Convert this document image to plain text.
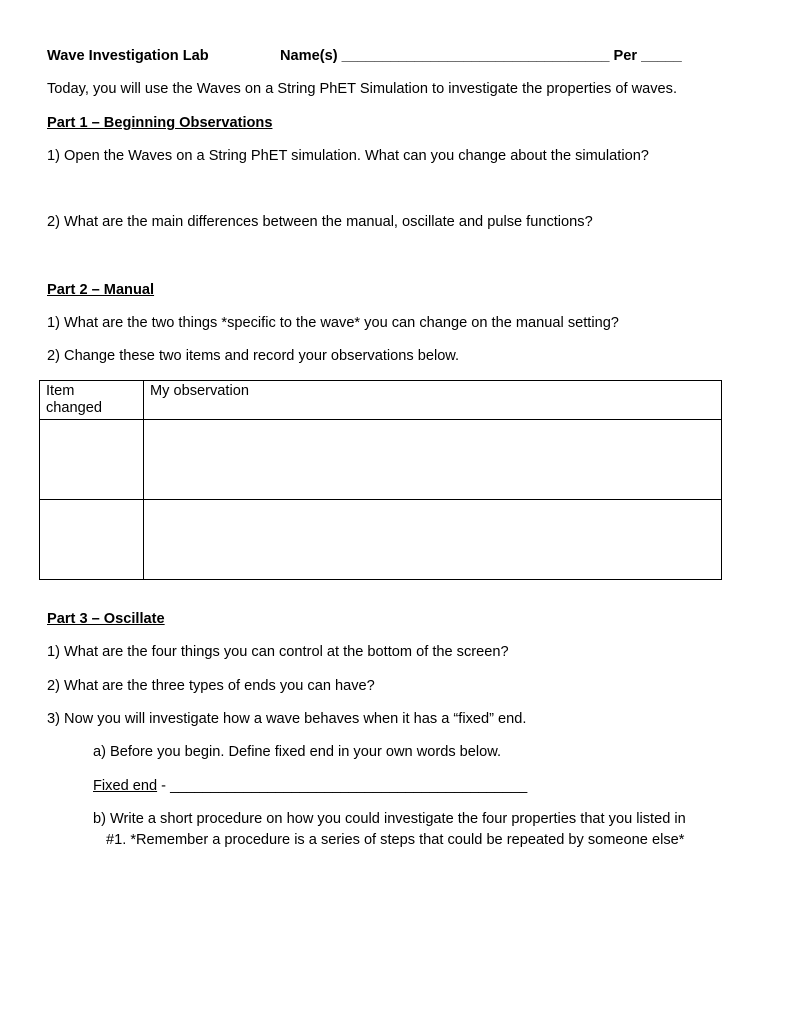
Wave Investigation Lab	Name(s) _________________________________ Per _____
Today, you will use the Waves on a String PhET Simulation to investigate the properties of waves.
Part 1 – Beginning Observations
1) Open the Waves on a String PhET simulation. What can you change about the simulation?
2) What are the main differences between the manual, oscillate and pulse functions?
Part 2 – Manual
1) What are the two things *specific to the wave* you can change on the manual setting?
2) Change these two items and record your observations below.
Item
changed	My observation

Part 3 – Oscillate
1) What are the four things you can control at the bottom of the screen?
2) What are the three types of ends you can have?
3) Now you will investigate how a wave behaves when it has a “fixed” end.
a) Before you begin. Define fixed end in your own words below.
Fixed end - ____________________________________________
b) Write a short procedure on how you could investigate the four properties that you listed in
#1. *Remember a procedure is a series of steps that could be repeated by someone else*
